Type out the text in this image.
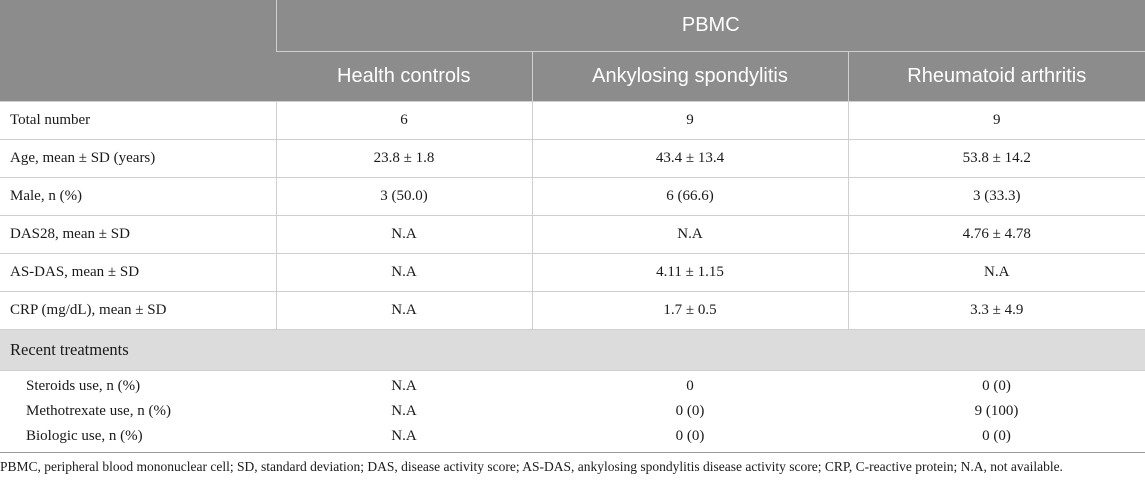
	PBMC		
	Health controls	Ankylosing spondylitis	Rheumatoid arthritis
Total number	6	9	9
Age, mean ± SD (years)	23.8 ± 1.8	43.4 ± 13.4	53.8 ± 14.2
Male, n (%)	3 (50.0)	6 (66.6)	3 (33.3)
DAS28, mean ± SD	N.A	N.A	4.76 ± 4.78
AS-DAS, mean ± SD	N.A	4.11 ± 1.15	N.A
CRP (mg/dL), mean ± SD	N.A	1.7 ± 0.5	3.3 ± 4.9
Recent treatments			
Steroids use, n (%)	N.A	0	0 (0)
Methotrexate use, n (%)	N.A	0 (0)	9 (100)
Biologic use, n (%)	N.A	0 (0)	0 (0)
PBMC, peripheral blood mononuclear cell; SD, standard deviation; DAS, disease activity score; AS-DAS, ankylosing spondylitis disease activity score; CRP, C-reactive protein; N.A, not available.
